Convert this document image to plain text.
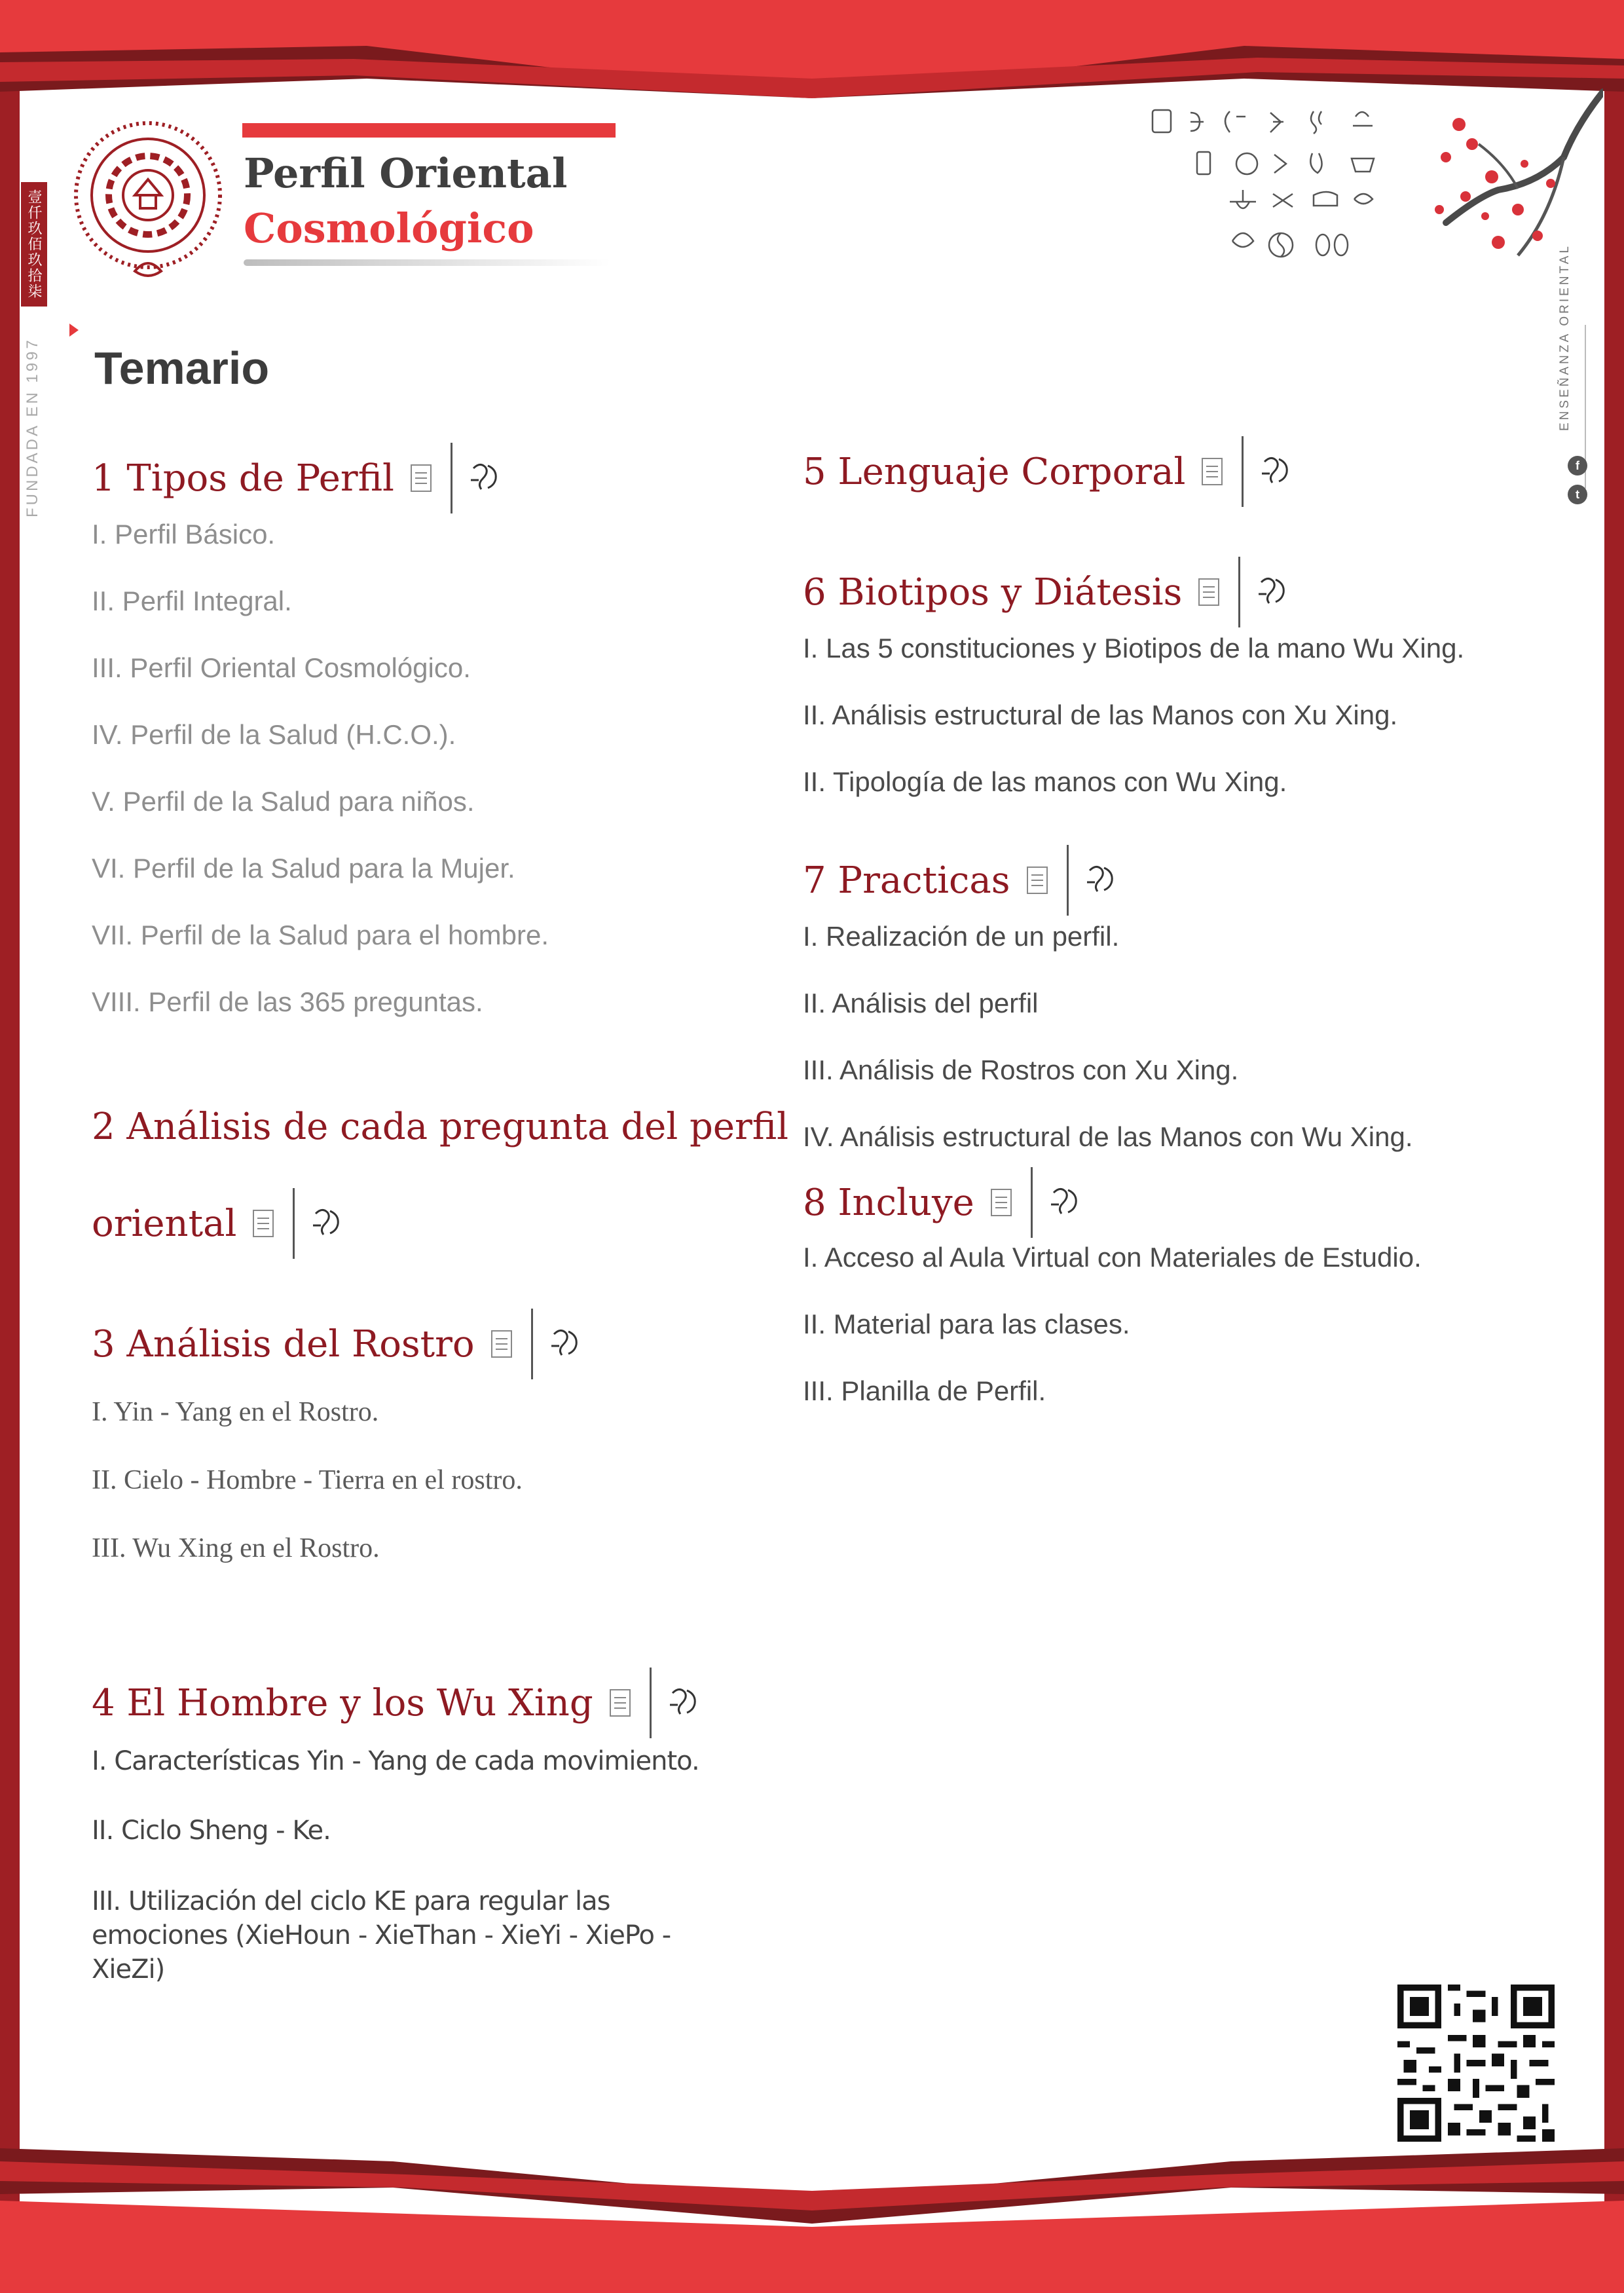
壹仟玖佰玖拾柒
FUNDADA EN 1997
Perfil Oriental
Cosmológico
ENSEÑANZA ORIENTAL
f
t
Temario
1 Tipos de Perfil
I. Perfil Básico.
II. Perfil Integral.
III. Perfil Oriental Cosmológico.
IV. Perfil de la Salud (H.C.O.).
V. Perfil de la Salud para niños.
VI. Perfil de la Salud para la Mujer.
VII. Perfil de la Salud para el hombre.
VIII. Perfil de las 365 preguntas.
2 Análisis de cada pregunta del perfil
oriental
3 Análisis del Rostro
I. Yin - Yang en el Rostro.
II. Cielo - Hombre - Tierra en el rostro.
III. Wu Xing en el Rostro.
4 El Hombre y los Wu Xing
I. Características Yin - Yang de cada movimiento.
II. Ciclo Sheng - Ke.
III. Utilización del ciclo KE para regular las
emociones (XieHoun - XieThan - XieYi - XiePo -
XieZi)
5 Lenguaje Corporal
6 Biotipos y Diátesis
I. Las 5 constituciones y Biotipos de la mano Wu Xing.
II. Análisis estructural de las Manos con Xu Xing.
II. Tipología de las manos con Wu Xing.
7 Practicas
I. Realización de un perfil.
II. Análisis del perfil
III. Análisis de Rostros con Xu Xing.
IV. Análisis estructural de las Manos con Wu Xing.
8 Incluye
I. Acceso al Aula Virtual con Materiales de Estudio.
II. Material para las clases.
III. Planilla de Perfil.
